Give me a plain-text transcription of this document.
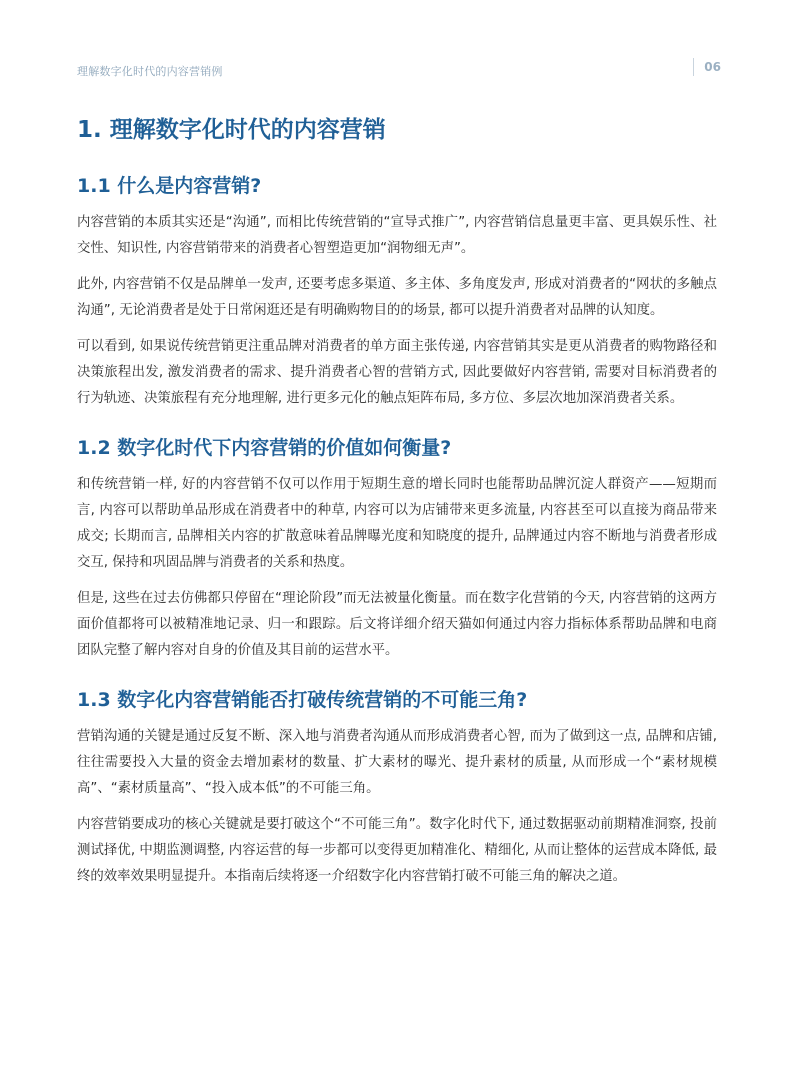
理解数字化时代的内容营销例	06
1. 理解数字化时代的内容营销
1.1 什么是内容营销?

内容营销的本质其实还是“沟通”, 而相比传统营销的“宣导式推广”, 内容营销信息量更丰富、更具娱乐性、社交性、知识性, 内容营销带来的消费者心智塑造更加“润物细无声”。

此外, 内容营销不仅是品牌单一发声, 还要考虑多渠道、多主体、多角度发声, 形成对消费者的“网状的多触点沟通”, 无论消费者是处于日常闲逛还是有明确购物目的的场景, 都可以提升消费者对品牌的认知度。

可以看到, 如果说传统营销更注重品牌对消费者的单方面主张传递, 内容营销其实是更从消费者的购物路径和决策旅程出发, 激发消费者的需求、提升消费者心智的营销方式, 因此要做好内容营销, 需要对目标消费者的行为轨迹、决策旅程有充分地理解, 进行更多元化的触点矩阵布局, 多方位、多层次地加深消费者关系。

1.2 数字化时代下内容营销的价值如何衡量?

和传统营销一样, 好的内容营销不仅可以作用于短期生意的增长同时也能帮助品牌沉淀人群资产——短期而言, 内容可以帮助单品形成在消费者中的种草, 内容可以为店铺带来更多流量, 内容甚至可以直接为商品带来成交; 长期而言, 品牌相关内容的扩散意味着品牌曝光度和知晓度的提升, 品牌通过内容不断地与消费者形成交互, 保持和巩固品牌与消费者的关系和热度。

但是, 这些在过去仿佛都只停留在“理论阶段”而无法被量化衡量。而在数字化营销的今天, 内容营销的这两方面价值都将可以被精准地记录、归一和跟踪。后文将详细介绍天猫如何通过内容力指标体系帮助品牌和电商团队完整了解内容对自身的价值及其目前的运营水平。

1.3 数字化内容营销能否打破传统营销的不可能三角?

营销沟通的关键是通过反复不断、深入地与消费者沟通从而形成消费者心智, 而为了做到这一点, 品牌和店铺, 往往需要投入大量的资金去增加素材的数量、扩大素材的曝光、提升素材的质量, 从而形成一个“素材规模高”、“素材质量高”、“投入成本低”的不可能三角。

内容营销要成功的核心关键就是要打破这个“不可能三角”。数字化时代下, 通过数据驱动前期精准洞察, 投前测试择优, 中期监测调整, 内容运营的每一步都可以变得更加精准化、精细化, 从而让整体的运营成本降低, 最终的效率效果明显提升。本指南后续将逐一介绍数字化内容营销打破不可能三角的解决之道。
